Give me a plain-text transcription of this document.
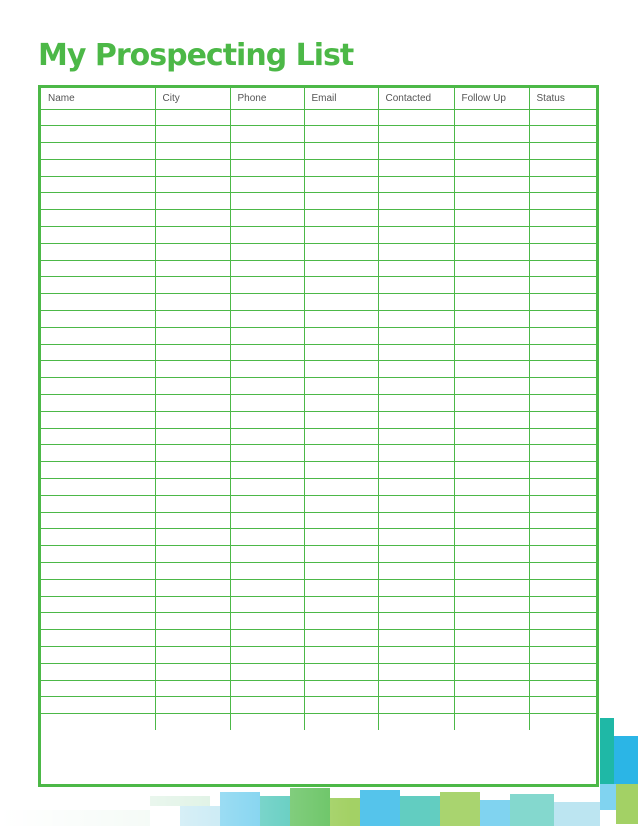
My Prospecting List
Name	City	Phone	Email	Contacted	Follow Up	Status
